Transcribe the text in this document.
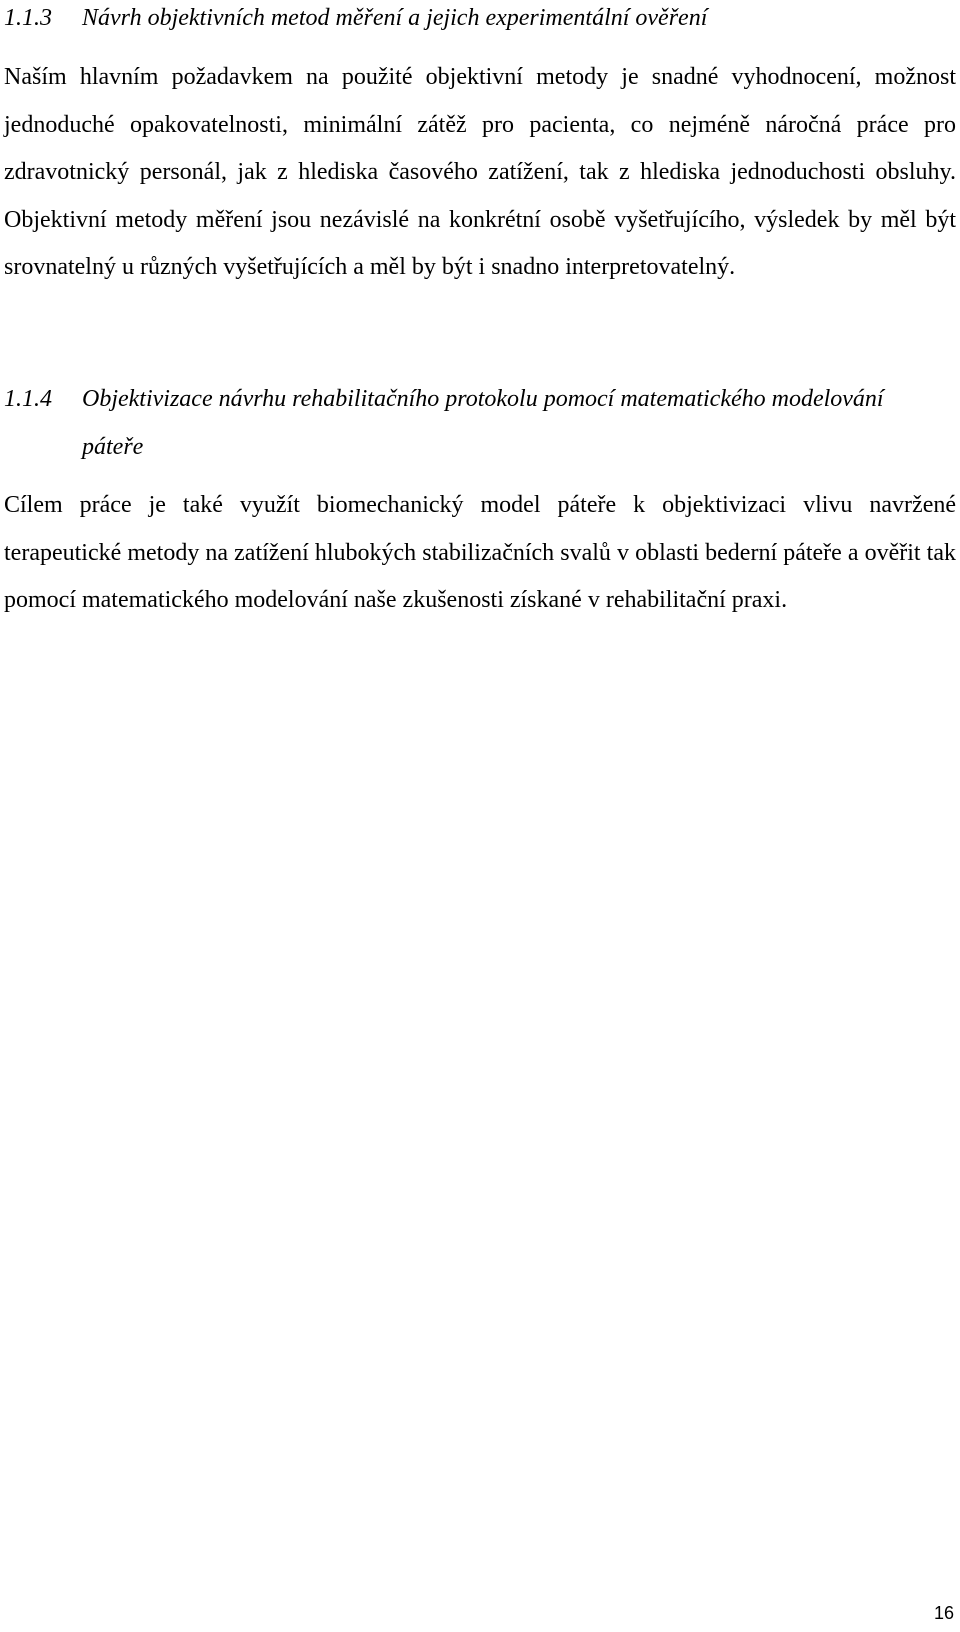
1.1.3 Návrh objektivních metod měření a jejich experimentální ověření

Naším hlavním požadavkem na použité objektivní metody je snadné vyhodnocení, možnost jednoduché opakovatelnosti, minimální zátěž pro pacienta, co nejméně náročná práce pro zdravotnický personál, jak z hlediska časového zatížení, tak z hlediska jednoduchosti obsluhy. Objektivní metody měření jsou nezávislé na konkrétní osobě vyšetřujícího, výsledek by měl být srovnatelný u různých vyšetřujících a měl by být i snadno interpretovatelný.

1.1.4 Objektivizace návrhu rehabilitačního protokolu pomocí matematického modelování
páteře

Cílem práce je také využít biomechanický model páteře k objektivizaci vlivu navržené terapeutické metody na zatížení hlubokých stabilizačních svalů v oblasti bederní páteře a ověřit tak pomocí matematického modelování naše zkušenosti získané v rehabilitační praxi.

16
